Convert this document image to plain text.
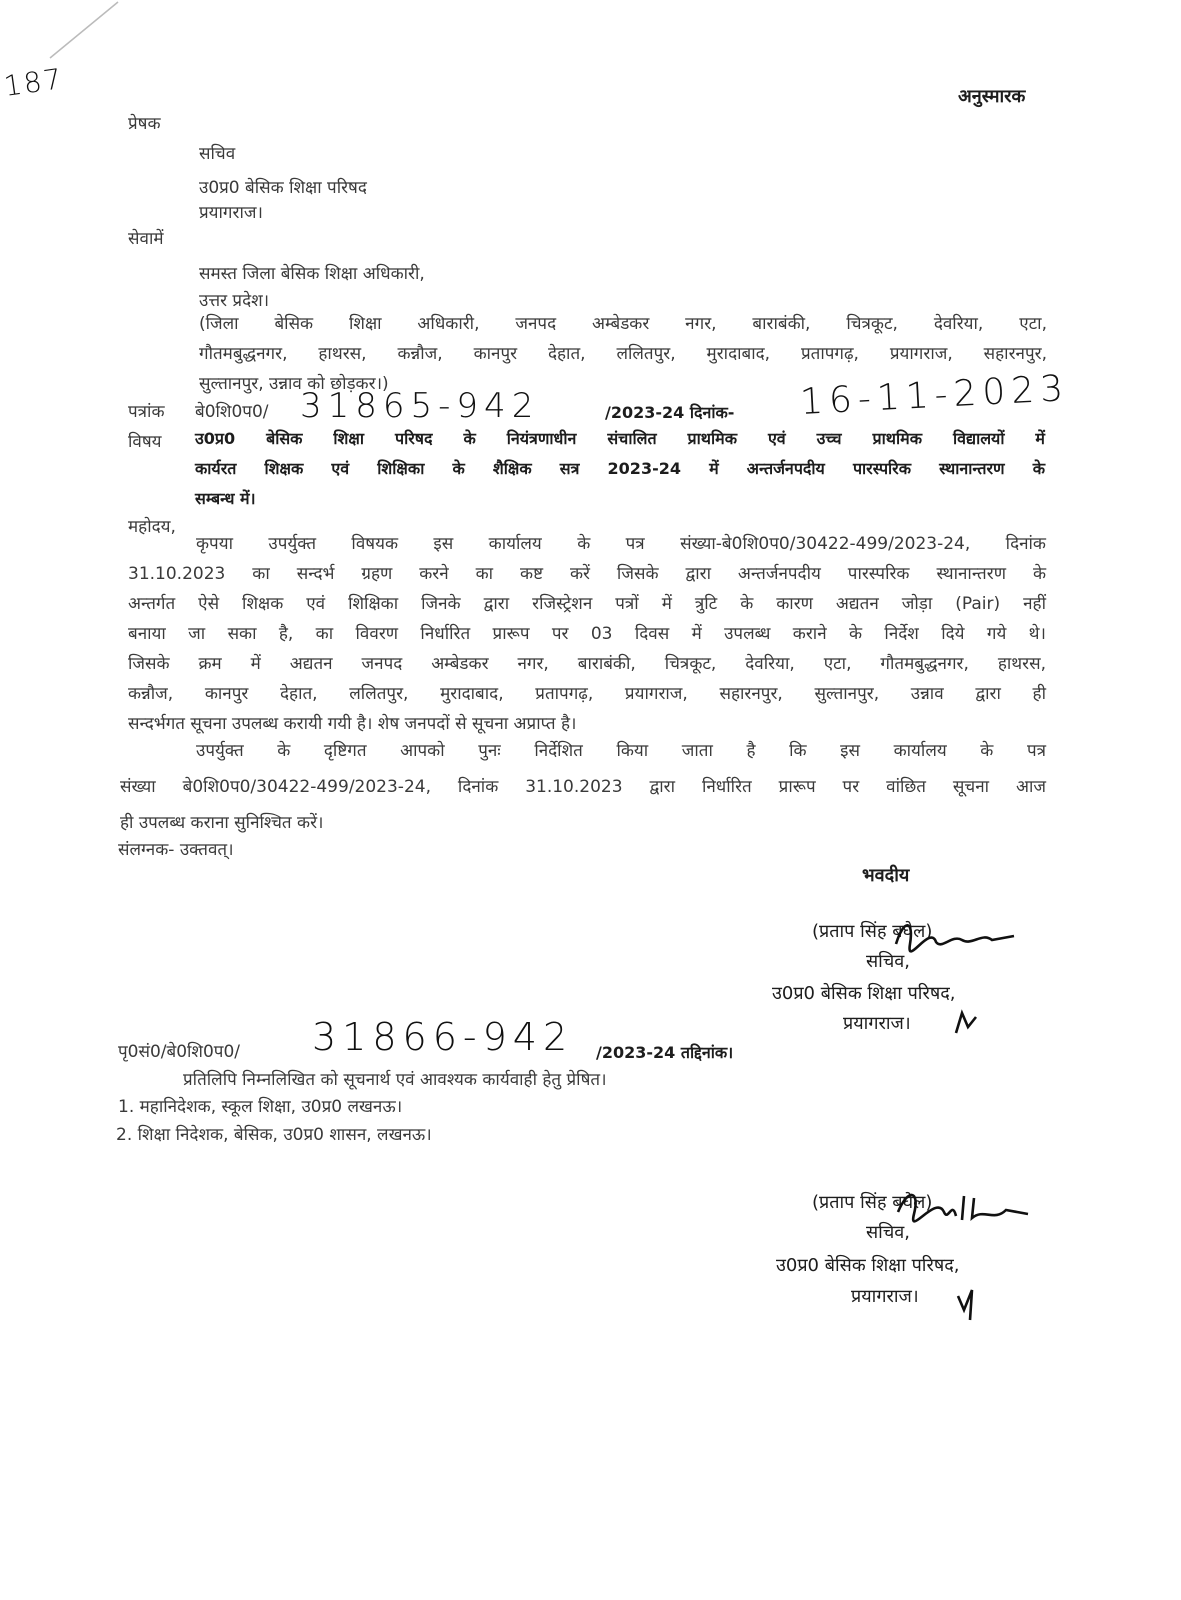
187	अनुस्मारक
प्रेषक
सचिव
उ0प्र0 बेसिक शिक्षा परिषद
प्रयागराज।
सेवामें
समस्त जिला बेसिक शिक्षा अधिकारी,
उत्तर प्रदेश।
(जिला बेसिक शिक्षा अधिकारी, जनपद अम्बेडकर नगर, बाराबंकी, चित्रकूट, देवरिया, एटा,
गौतमबुद्धनगर, हाथरस, कन्नौज, कानपुर देहात, ललितपुर, मुरादाबाद, प्रतापगढ़, प्रयागराज, सहारनपुर,
सुल्तानपुर, उन्नाव को छोड़कर।)
पत्रांक बे0शि0प0/ 31865-942	/2023-24 दिनांक- 16-11-2023
विषय उ0प्र0 बेसिक शिक्षा परिषद के नियंत्रणाधीन संचालित प्राथमिक एवं उच्च प्राथमिक विद्यालयों में
कार्यरत शिक्षक एवं शिक्षिका के शैक्षिक सत्र 2023-24 में अन्तर्जनपदीय पारस्परिक स्थानान्तरण के
सम्बन्ध में।
महोदय,
कृपया उपर्युक्त विषयक इस कार्यालय के पत्र संख्या-बे0शि0प0/30422-499/2023-24, दिनांक
31.10.2023 का सन्दर्भ ग्रहण करने का कष्ट करें जिसके द्वारा अन्तर्जनपदीय पारस्परिक स्थानान्तरण के
अन्तर्गत ऐसे शिक्षक एवं शिक्षिका जिनके द्वारा रजिस्ट्रेशन पत्रों में त्रुटि के कारण अद्यतन जोड़ा (Pair) नहीं
बनाया जा सका है, का विवरण निर्धारित प्रारूप पर 03 दिवस में उपलब्ध कराने के निर्देश दिये गये थे।
जिसके क्रम में अद्यतन जनपद अम्बेडकर नगर, बाराबंकी, चित्रकूट, देवरिया, एटा, गौतमबुद्धनगर, हाथरस,
कन्नौज, कानपुर देहात, ललितपुर, मुरादाबाद, प्रतापगढ़, प्रयागराज, सहारनपुर, सुल्तानपुर, उन्नाव द्वारा ही
सन्दर्भगत सूचना उपलब्ध करायी गयी है। शेष जनपदों से सूचना अप्राप्त है।
उपर्युक्त के दृष्टिगत आपको पुनः निर्देशित किया जाता है कि इस कार्यालय के पत्र
संख्या बे0शि0प0/30422-499/2023-24, दिनांक 31.10.2023 द्वारा निर्धारित प्रारूप पर वांछित सूचना आज
ही उपलब्ध कराना सुनिश्चित करें।
संलग्नक- उक्तवत्।
भवदीय
(प्रताप सिंह बघेल)
सचिव,
उ0प्र0 बेसिक शिक्षा परिषद,
प्रयागराज।
पृ0सं0/बे0शि0प0/ 31866-942 /2023-24 तद्दिनांक।
प्रतिलिपि निम्नलिखित को सूचनार्थ एवं आवश्यक कार्यवाही हेतु प्रेषित।
1. महानिदेशक, स्कूल शिक्षा, उ0प्र0 लखनऊ।
2. शिक्षा निदेशक, बेसिक, उ0प्र0 शासन, लखनऊ।
(प्रताप सिंह बघेल)
सचिव,
उ0प्र0 बेसिक शिक्षा परिषद,
प्रयागराज।
